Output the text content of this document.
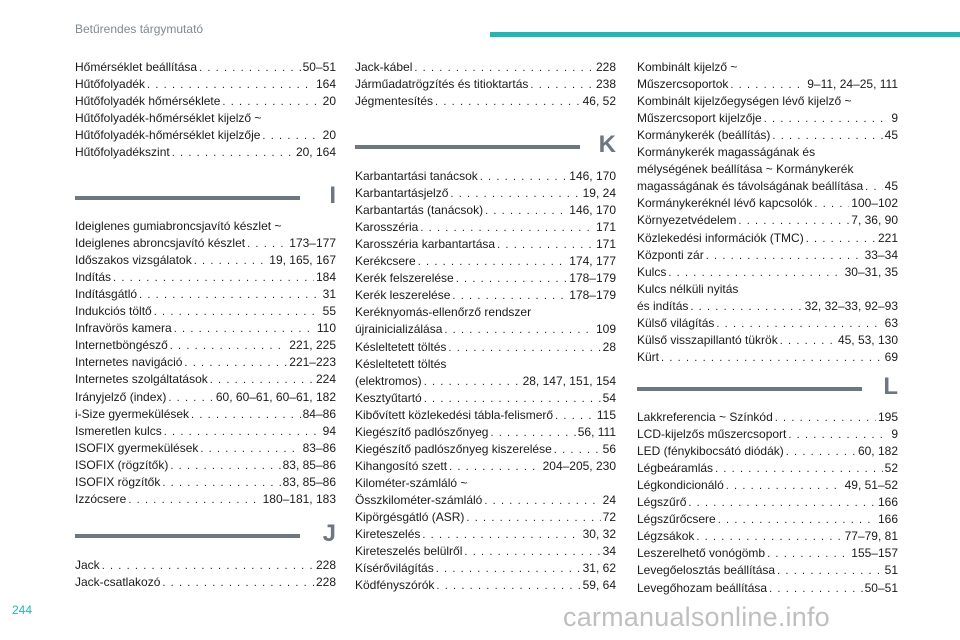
Betűrendes tárgymutató
Hőmérséklet beállítása . . .	50–51
Hűtőfolyadék . . .	164
Hűtőfolyadék hőmérséklete . . .	20
Hűtőfolyadék-hőmérséklet kijelző ~
Hűtőfolyadék-hőmérséklet kijelzője . . .	20
Hűtőfolyadékszint . . .	20, 164
I
Ideiglenes gumiabroncsjavító készlet ~
Ideiglenes abroncsjavító készlet . . .	173–177
Időszakos vizsgálatok . . .	19, 165, 167
Indítás . . .	184
Indításgátló . . .	31
Indukciós töltő . . .	55
Infravörös kamera . . .	110
Internetböngésző . . .	221, 225
Internetes navigáció . . .	221–223
Internetes szolgáltatások . . .	224
Irányjelző (index) . . .	60, 60–61, 60–61, 182
i-Size gyermekülések . . .	84–86
Ismeretlen kulcs . . .	94
ISOFIX gyermekülések . . .	83–86
ISOFIX (rögzítők) . . .	83, 85–86
ISOFIX rögzítők . . .	83, 85–86
Izzócsere . . .	180–181, 183
J
Jack . . .	228
Jack-csatlakozó . . .	228
Jack-kábel . . .	228
Járműadatrögzítés és titioktartás . . .	238
Jégmentesítés . . .	46, 52
K
Karbantartási tanácsok . . .	146, 170
Karbantartásjelző . . .	19, 24
Karbantartás (tanácsok) . . .	146, 170
Karosszéria . . .	171
Karosszéria karbantartása . . .	171
Kerékcsere . . .	174, 177
Kerék felszerelése . . .	178–179
Kerék leszerelése . . .	178–179
Keréknyomás-ellenőrző rendszer
újrainicializálása . . .	109
Késleltetett töltés . . .	28
Késleltetett töltés
(elektromos) . . .	28, 147, 151, 154
Kesztyűtartó . . .	54
Kibővített közlekedési tábla-felismerő . . .	115
Kiegészítő padlószőnyeg . . .	56, 111
Kiegészítő padlószőnyeg kiszerelése . . .	56
Kihangosító szett . . .	204–205, 230
Kilométer-számláló ~
Összkilométer-számláló . . .	24
Kipörgésgátló (ASR) . . .	72
Kireteszelés . . .	30, 32
Kireteszelés belülről . . .	34
Kísérővilágítás . . .	31, 62
Ködfényszórók . . .	59, 64
Kombinált kijelző ~
Műszercsoportok . . .	9–11, 24–25, 111
Kombinált kijelzőegységen lévő kijelző ~
Műszercsoport kijelzője . . .	9
Kormánykerék (beállítás) . . .	45
Kormánykerék magasságának és
mélységének beállítása ~ Kormánykerék
magasságának és távolságának beállítása . . . 45
Kormánykeréknél lévő kapcsolók . . .	100–102
Környezetvédelem . . .	7, 36, 90
Közlekedési információk (TMC) . . .	221
Központi zár . . .	33–34
Kulcs . . .	30–31, 35
Kulcs nélküli nyitás
és indítás . . .	32, 32–33, 92–93
Külső világítás . . .	63
Külső visszapillantó tükrök . . .	45, 53, 130
Kürt . . .	69
L
Lakkreferencia ~ Színkód . . .	195
LCD-kijelzős műszercsoport . . .	9
LED (fénykibocsátó diódák) . . .	60, 182
Légbeáramlás . . .	52
Légkondicionáló . . .	49, 51–52
Légszűrő . . .	166
Légszűrőcsere . . .	166
Légzsákok . . .	77–79, 81
Leszerelhető vonógömb . . .	155–157
Levegőelosztás beállítása . . .	51
Levegőhozam beállítása . . .	50–51
244	carmanualsonline.info
